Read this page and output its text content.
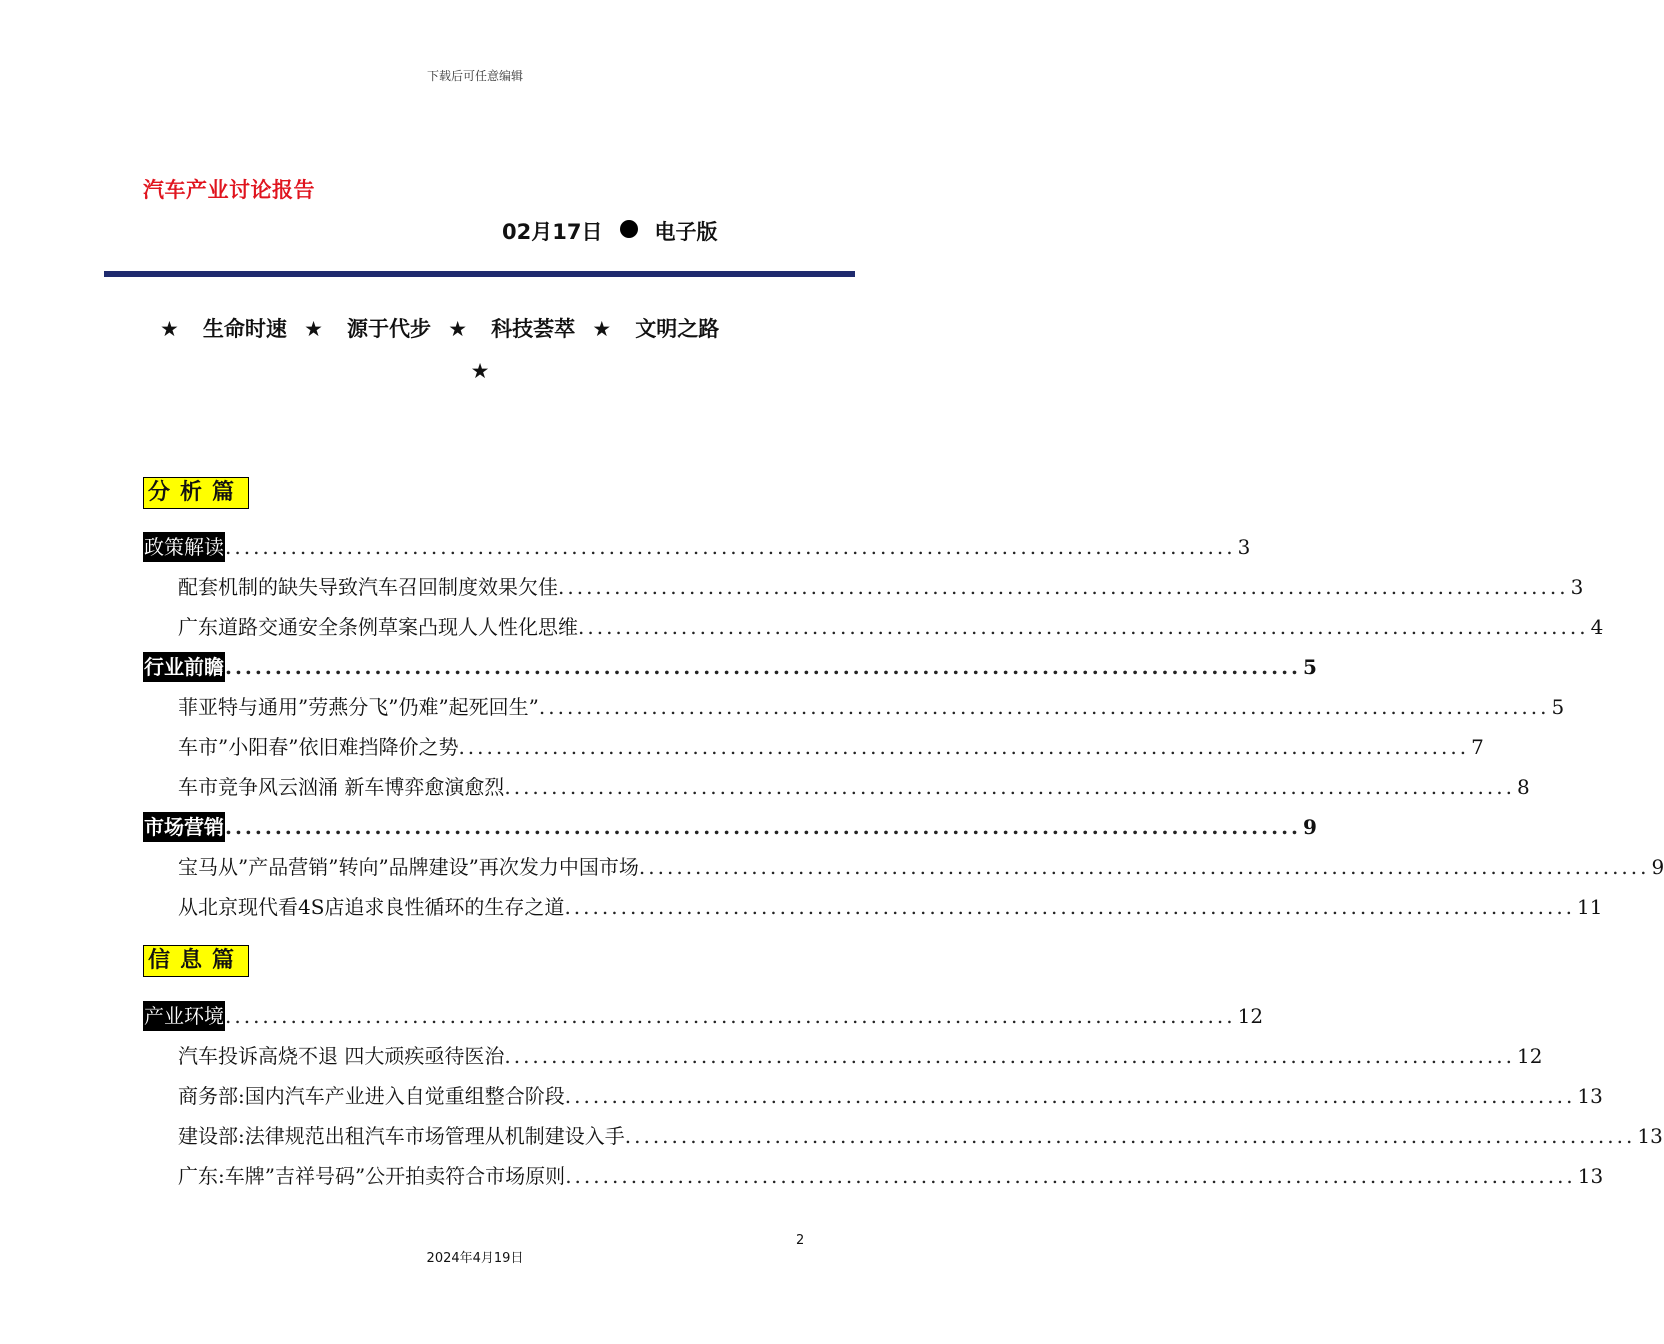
下载后可任意编辑
汽车产业讨论报告
02月17日 电子版
★ 生命时速 ★ 源于代步 ★ 科技荟萃 ★ 文明之路
★
分析篇
政策解读 ............................................................................................................ 3
配套机制的缺失导致汽车召回制度效果欠佳 ............................................................................................................ 3
广东道路交通安全条例草案凸现人人性化思维 ............................................................................................................ 4
行业前瞻 ............................................................................................................ 5
菲亚特与通用”劳燕分飞”仍难”起死回生” ............................................................................................................ 5
车市”小阳春”依旧难挡降价之势 ............................................................................................................ 7
车市竞争风云汹涌 新车博弈愈演愈烈 ............................................................................................................ 8
市场营销 ............................................................................................................ 9
宝马从”产品营销”转向”品牌建设”再次发力中国市场 ............................................................................................................ 9
从北京现代看4S店追求良性循环的生存之道 ............................................................................................................ 11
信息篇
产业环境 ............................................................................................................ 12
汽车投诉高烧不退 四大顽疾亟待医治 ............................................................................................................ 12
商务部:国内汽车产业进入自觉重组整合阶段 ............................................................................................................ 13
建设部:法律规范出租汽车市场管理从机制建设入手 ............................................................................................................ 13
广东:车牌”吉祥号码”公开拍卖符合市场原则 ............................................................................................................ 13
2
2024年4月19日
